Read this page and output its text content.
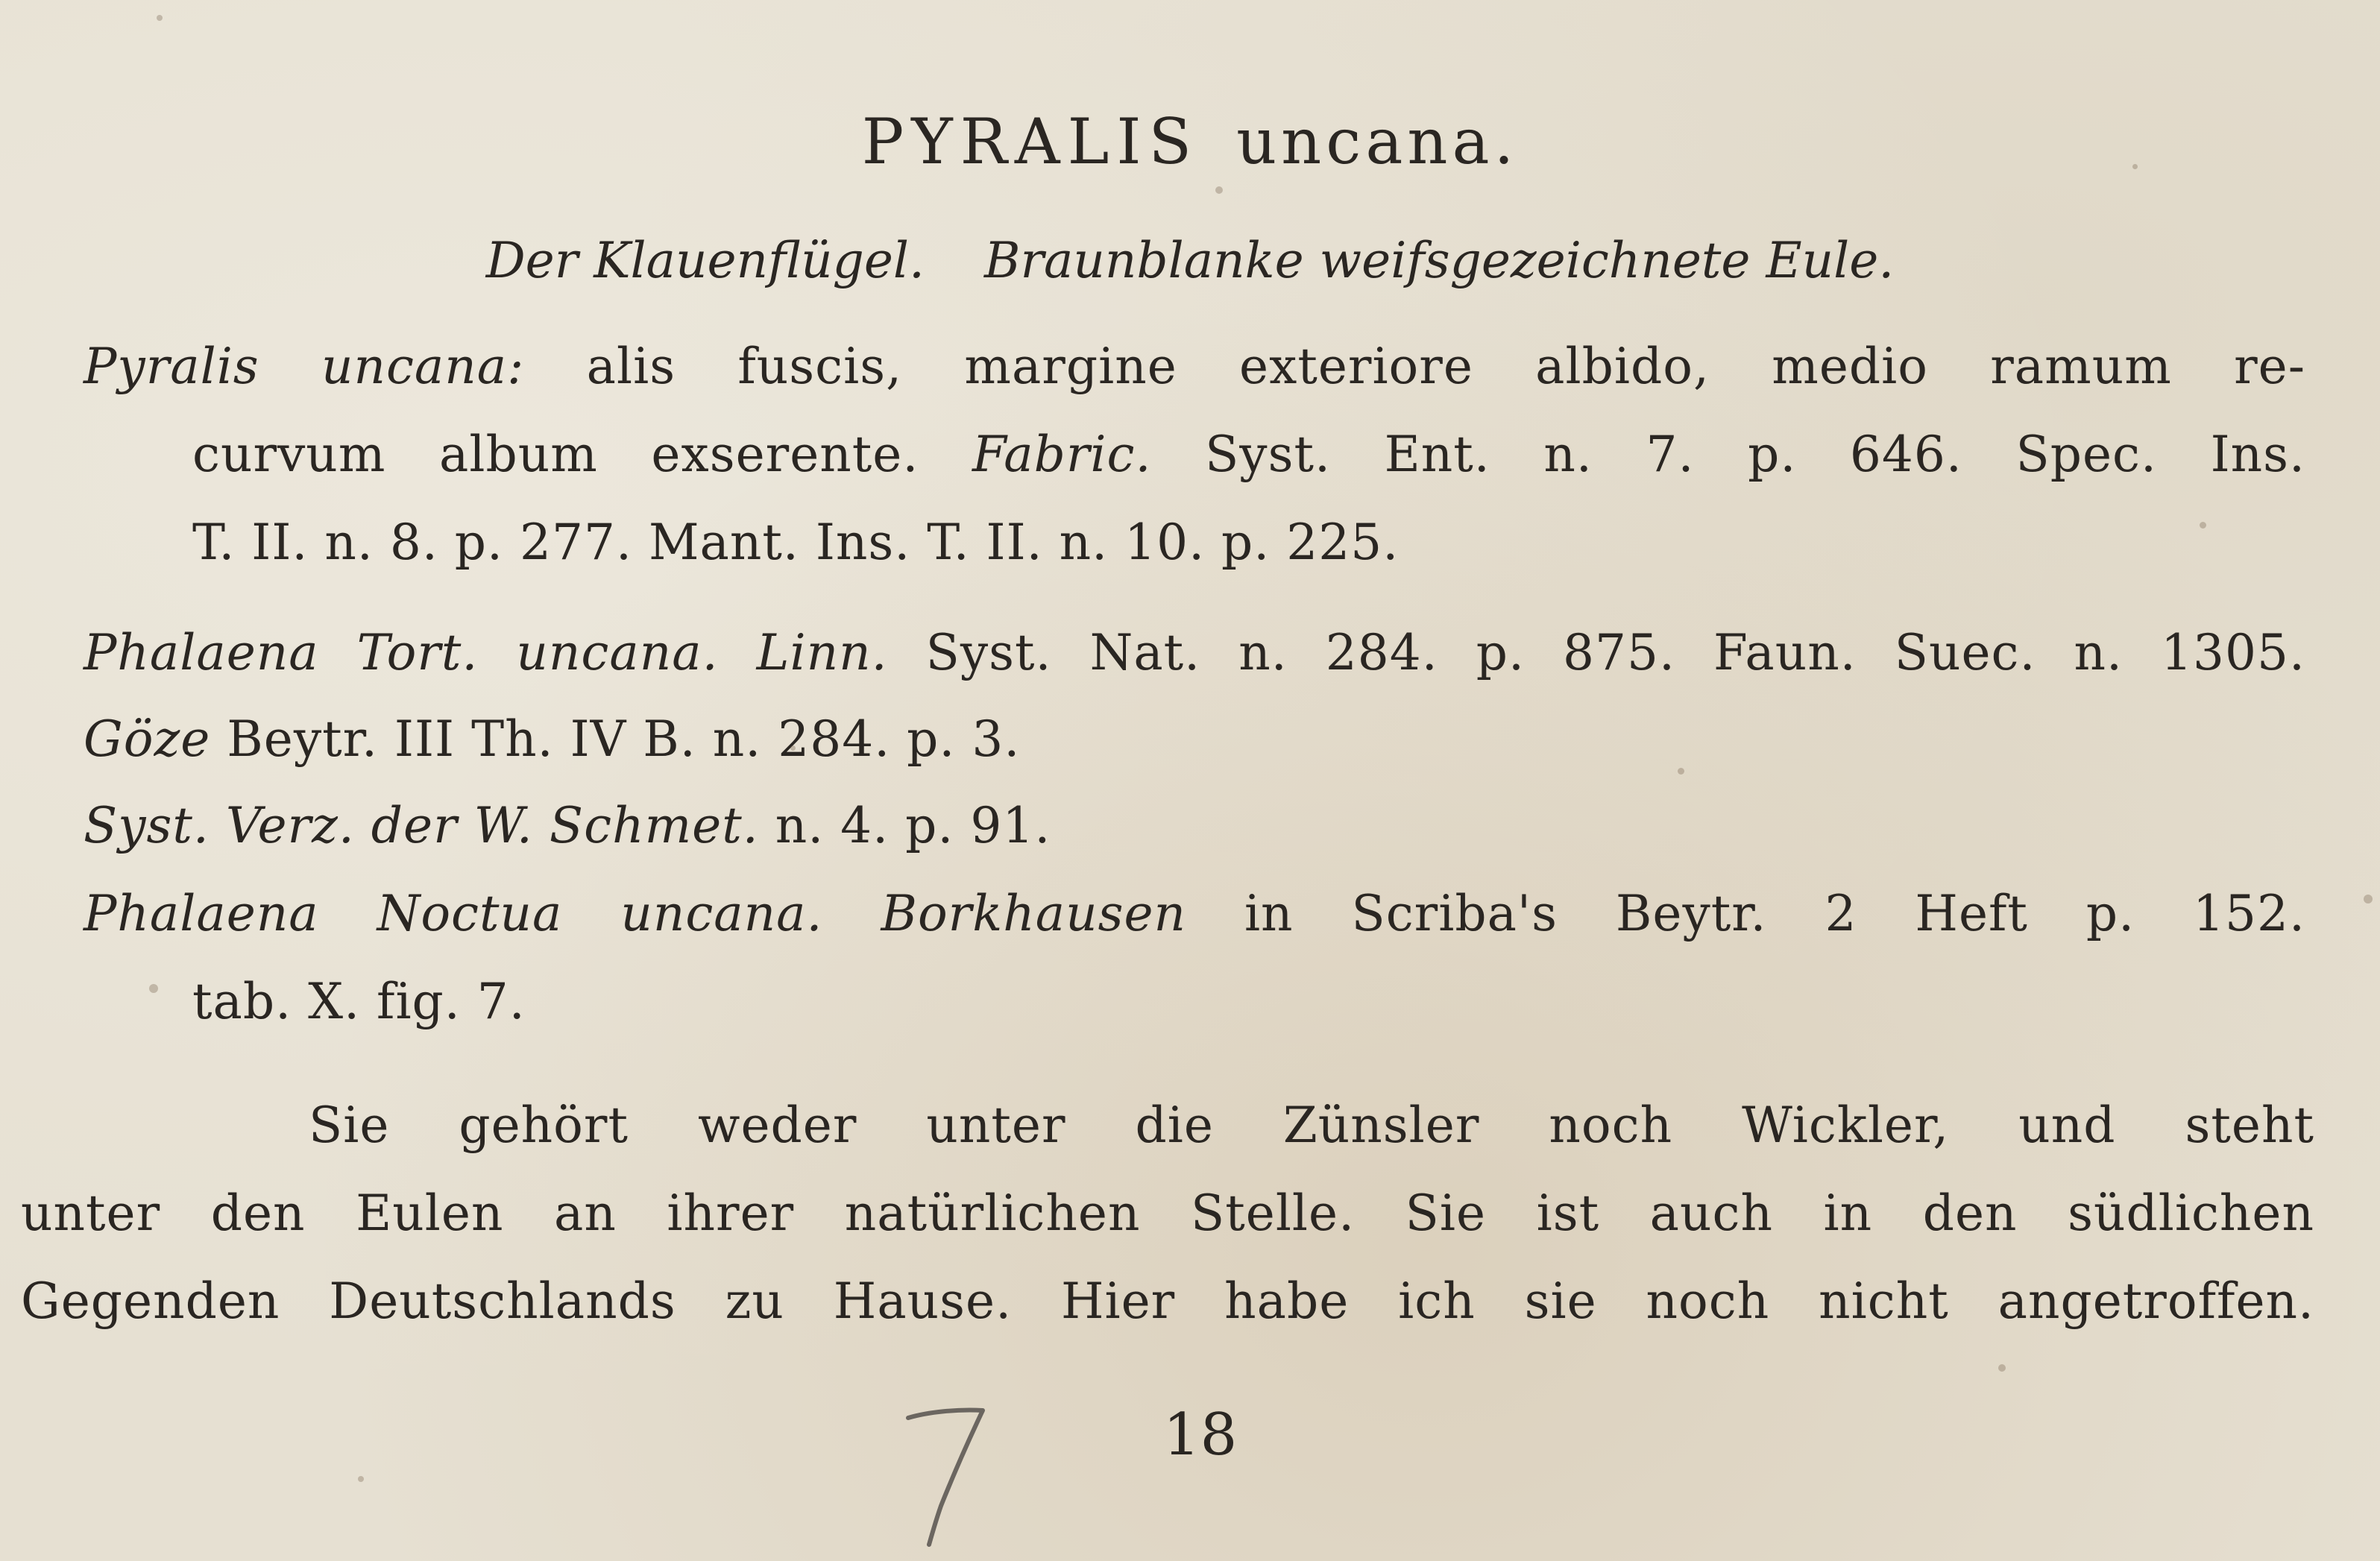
PYRALIS uncana.
Der Klauenflügel. Braunblanke weifsgezeichnete Eule.
Pyralis uncana: alis fuscis, margine exteriore albido, medio ramum re-
curvum album exserente. Fabric. Syst. Ent. n. 7. p. 646. Spec. Ins.
T. II. n. 8. p. 277. Mant. Ins. T. II. n. 10. p. 225.
Phalaena Tort. uncana. Linn. Syst. Nat. n. 284. p. 875. Faun. Suec. n. 1305.
Göze Beytr. III Th. IV B. n. 284. p. 3.
Syst. Verz. der W. Schmet. n. 4. p. 91.
Phalaena Noctua uncana. Borkhausen in Scriba's Beytr. 2 Heft p. 152.
tab. X. fig. 7.
Sie gehört weder unter die Zünsler noch Wickler, und steht
unter den Eulen an ihrer natürlichen Stelle. Sie ist auch in den südlichen
Gegenden Deutschlands zu Hause. Hier habe ich sie noch nicht angetroffen.
18
